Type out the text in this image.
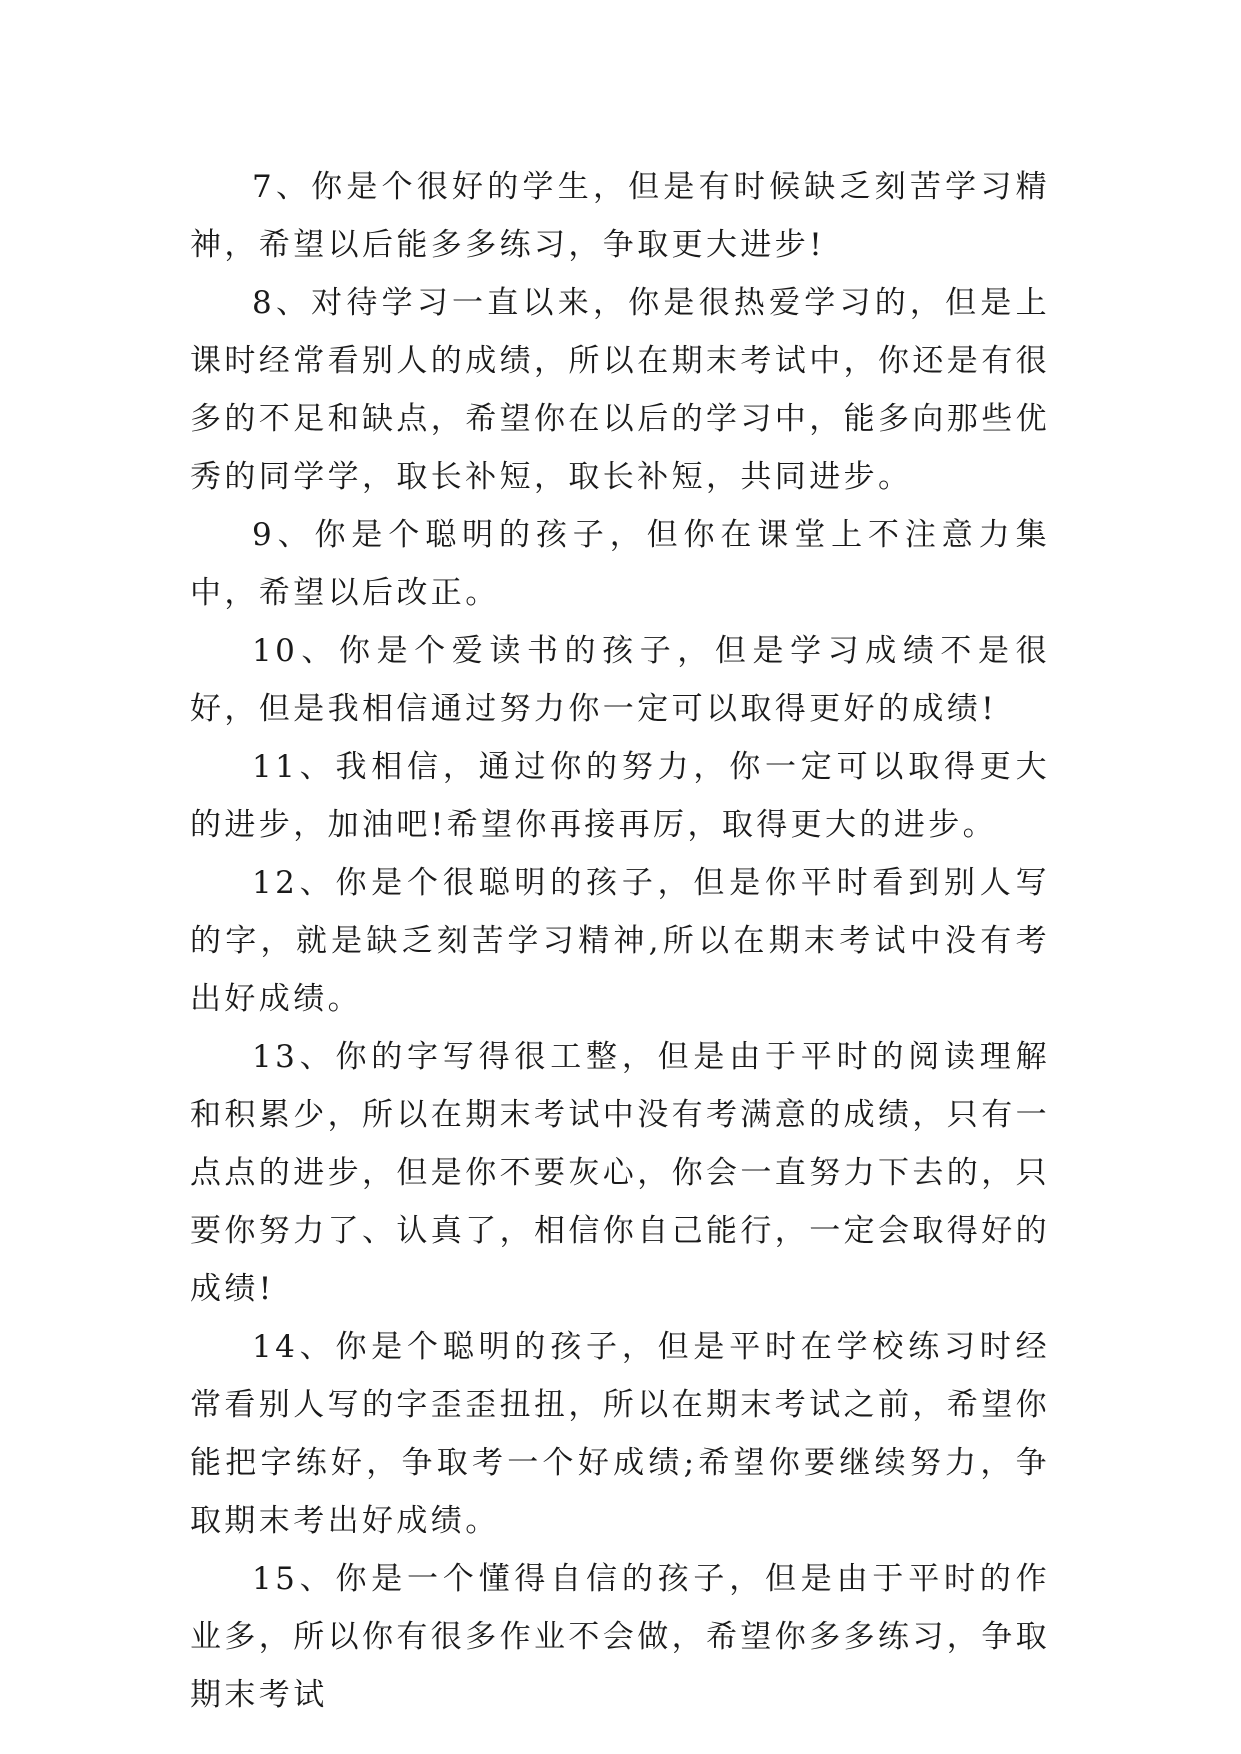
7、你是个很好的学生，但是有时候缺乏刻苦学习精神，希望以后能多多练习，争取更大进步!

8、对待学习一直以来，你是很热爱学习的，但是上课时经常看别人的成绩，所以在期末考试中，你还是有很多的不足和缺点，希望你在以后的学习中，能多向那些优秀的同学学，取长补短，取长补短，共同进步。

9、你是个聪明的孩子，但你在课堂上不注意力集中，希望以后改正。

10、你是个爱读书的孩子，但是学习成绩不是很好，但是我相信通过努力你一定可以取得更好的成绩!

11、我相信，通过你的努力，你一定可以取得更大的进步，加油吧!希望你再接再厉，取得更大的进步。

12、你是个很聪明的孩子，但是你平时看到别人写的字，就是缺乏刻苦学习精神,所以在期末考试中没有考出好成绩。

13、你的字写得很工整，但是由于平时的阅读理解和积累少，所以在期末考试中没有考满意的成绩，只有一点点的进步，但是你不要灰心，你会一直努力下去的，只要你努力了、认真了，相信你自己能行，一定会取得好的成绩!

14、你是个聪明的孩子，但是平时在学校练习时经常看别人写的字歪歪扭扭，所以在期末考试之前，希望你能把字练好，争取考一个好成绩;希望你要继续努力，争取期末考出好成绩。

15、你是一个懂得自信的孩子，但是由于平时的作业多，所以你有很多作业不会做，希望你多多练习，争取期末考试
